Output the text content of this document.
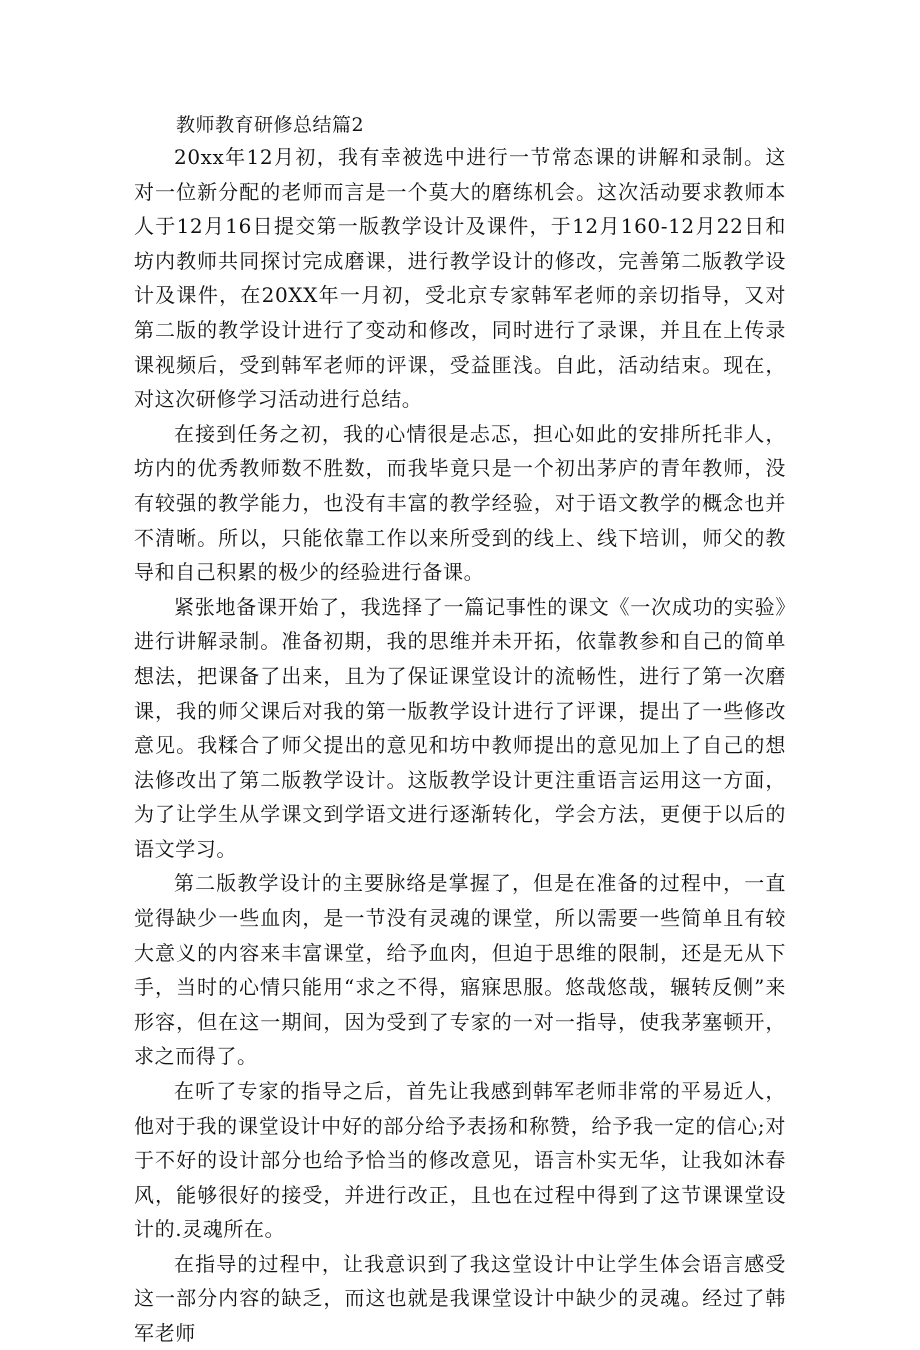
教师教育研修总结篇2

20xx年12月初，我有幸被选中进行一节常态课的讲解和录制。这对一位新分配的老师而言是一个莫大的磨练机会。这次活动要求教师本人于12月16日提交第一版教学设计及课件，于12月160-12月22日和坊内教师共同探讨完成磨课，进行教学设计的修改，完善第二版教学设计及课件，在20XX年一月初，受北京专家韩军老师的亲切指导，又对第二版的教学设计进行了变动和修改，同时进行了录课，并且在上传录课视频后，受到韩军老师的评课，受益匪浅。自此，活动结束。现在，对这次研修学习活动进行总结。

在接到任务之初，我的心情很是忐忑，担心如此的安排所托非人，坊内的优秀教师数不胜数，而我毕竟只是一个初出茅庐的青年教师，没有较强的教学能力，也没有丰富的教学经验，对于语文教学的概念也并不清晰。所以，只能依靠工作以来所受到的线上、线下培训，师父的教导和自己积累的极少的经验进行备课。

紧张地备课开始了，我选择了一篇记事性的课文《一次成功的实验》进行讲解录制。准备初期，我的思维并未开拓，依靠教参和自己的简单想法，把课备了出来，且为了保证课堂设计的流畅性，进行了第一次磨课，我的师父课后对我的第一版教学设计进行了评课，提出了一些修改意见。我糅合了师父提出的意见和坊中教师提出的意见加上了自己的想法修改出了第二版教学设计。这版教学设计更注重语言运用这一方面，为了让学生从学课文到学语文进行逐渐转化，学会方法，更便于以后的语文学习。

第二版教学设计的主要脉络是掌握了，但是在准备的过程中，一直觉得缺少一些血肉，是一节没有灵魂的课堂，所以需要一些简单且有较大意义的内容来丰富课堂，给予血肉，但迫于思维的限制，还是无从下手，当时的心情只能用“求之不得，寤寐思服。悠哉悠哉，辗转反侧”来形容，但在这一期间，因为受到了专家的一对一指导，使我茅塞顿开，求之而得了。

在听了专家的指导之后，首先让我感到韩军老师非常的平易近人，他对于我的课堂设计中好的部分给予表扬和称赞，给予我一定的信心;对于不好的设计部分也给予恰当的修改意见，语言朴实无华，让我如沐春风，能够很好的接受，并进行改正，且也在过程中得到了这节课课堂设计的.灵魂所在。

在指导的过程中，让我意识到了我这堂设计中让学生体会语言感受这一部分内容的缺乏，而这也就是我课堂设计中缺少的灵魂。经过了韩军老师
